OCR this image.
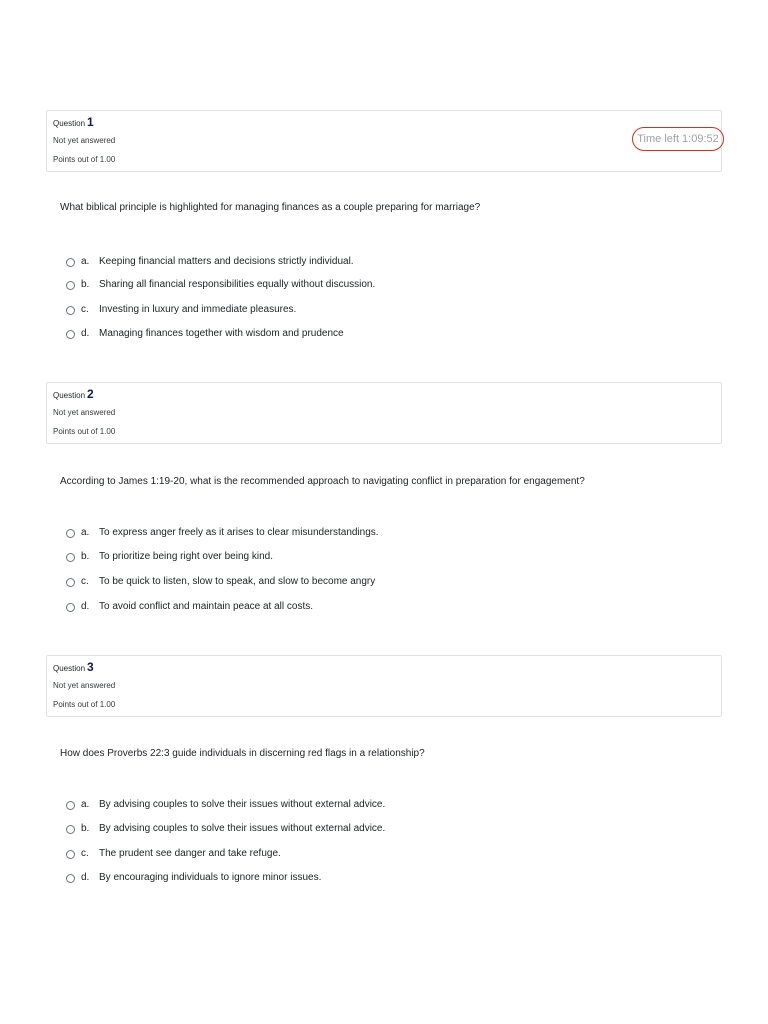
Question 1
Not yet answered
Points out of 1.00
Time left 1:09:52
What biblical principle is highlighted for managing finances as a couple preparing for marriage?
a. Keeping financial matters and decisions strictly individual.
b. Sharing all financial responsibilities equally without discussion.
c. Investing in luxury and immediate pleasures.
d. Managing finances together with wisdom and prudence
Question 2
Not yet answered
Points out of 1.00
According to James 1:19-20, what is the recommended approach to navigating conflict in preparation for engagement?
a. To express anger freely as it arises to clear misunderstandings.
b. To prioritize being right over being kind.
c. To be quick to listen, slow to speak, and slow to become angry
d. To avoid conflict and maintain peace at all costs.
Question 3
Not yet answered
Points out of 1.00
How does Proverbs 22:3 guide individuals in discerning red flags in a relationship?
a. By advising couples to solve their issues without external advice.
b. By advising couples to solve their issues without external advice.
c. The prudent see danger and take refuge.
d. By encouraging individuals to ignore minor issues.
